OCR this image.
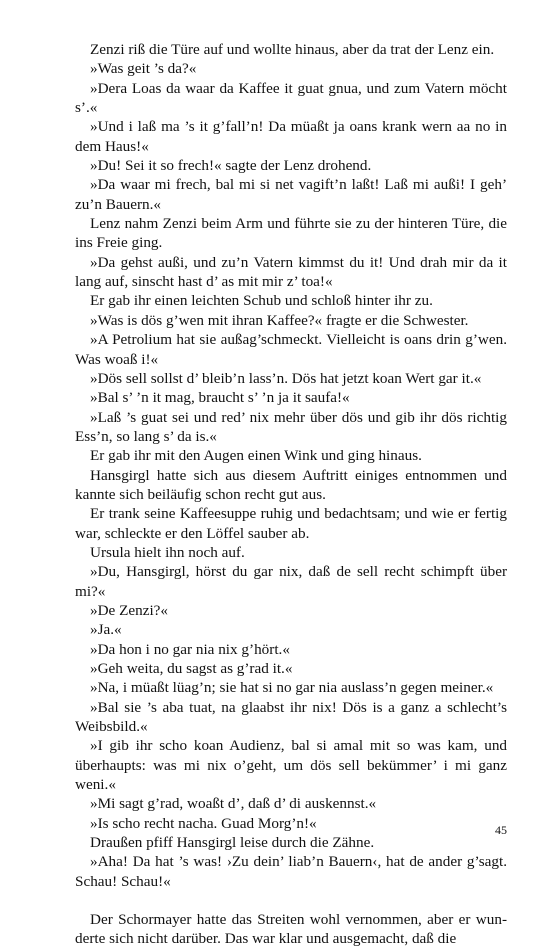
Zenzi riß die Türe auf und wollte hinaus, aber da trat der Lenz ein.

»Was geit ’s da?«

»Dera Loas da waar da Kaffee it guat gnua, und zum Vatern möcht s’.«

»Und i laß ma ’s it g’fall’n! Da müaßt ja oans krank wern aa no in dem Haus!«

»Du! Sei it so frech!« sagte der Lenz drohend.

»Da waar mi frech, bal mi si net vagift’n laßt! Laß mi außi! I geh’ zu’n Bauern.«

Lenz nahm Zenzi beim Arm und führte sie zu der hinteren Türe, die ins Freie ging.

»Da gehst außi, und zu’n Vatern kimmst du it! Und drah mir da it lang auf, sinscht hast d’ as mit mir z’ toa!«

Er gab ihr einen leichten Schub und schloß hinter ihr zu.

»Was is dös g’wen mit ihran Kaffee?« fragte er die Schwester.

»A Petrolium hat sie außag’schmeckt. Vielleicht is oans drin g’wen. Was woaß i!«

»Dös sell sollst d’ bleib’n lass’n. Dös hat jetzt koan Wert gar it.«

»Bal s’ ’n it mag, braucht s’ ’n ja it saufa!«

»Laß ’s guat sei und red’ nix mehr über dös und gib ihr dös richtig Ess’n, so lang s’ da is.«

Er gab ihr mit den Augen einen Wink und ging hinaus.

Hansgirgl hatte sich aus diesem Auftritt einiges entnommen und kannte sich beiläufig schon recht gut aus.

Er trank seine Kaffeesuppe ruhig und bedachtsam; und wie er fertig war, schleckte er den Löffel sauber ab.

Ursula hielt ihn noch auf.

»Du, Hansgirgl, hörst du gar nix, daß de sell recht schimpft über mi?«

»De Zenzi?«

»Ja.«

»Da hon i no gar nia nix g’hört.«

»Geh weita, du sagst as g’rad it.«

»Na, i müaßt lüag’n; sie hat si no gar nia auslass’n gegen meiner.«

»Bal sie ’s aba tuat, na glaabst ihr nix! Dös is a ganz a schlecht’s Weibsbild.«

»I gib ihr scho koan Audienz, bal si amal mit so was kam, und überhaupts: was mi nix o’geht, um dös sell bekümmer’ i mi ganz weni.«

»Mi sagt g’rad, woaßt d’, daß d’ di auskennst.«

»Is scho recht nacha. Guad Morg’n!«

Draußen pfiff Hansgirgl leise durch die Zähne.

»Aha! Da hat ’s was! ›Zu dein’ liab’n Bauern‹, hat de ander g’sagt. Schau! Schau!«

Der Schormayer hatte das Streiten wohl vernommen, aber er wunderte sich nicht darüber. Das war klar und ausgemacht, daß die

45
